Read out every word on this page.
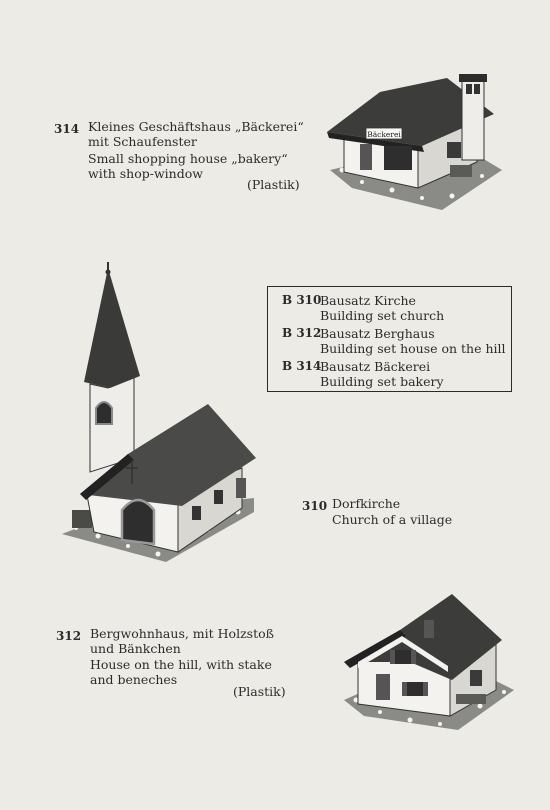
314 Kleines Geschäftshaus „Bäckerei“
mit Schaufenster
Small shopping house „bakery“
with shop-window
(Plastik)
Bäckerei
B 310
Bausatz Kirche
Building set church
B 312
Bausatz Berghaus
Building set house on the hill
B 314
Bausatz Bäckerei
Building set bakery
310 Dorfkirche
Church of a village
312 Bergwohnhaus, mit Holzstoß
und Bänkchen
House on the hill, with stake
and beneches
(Plastik)
